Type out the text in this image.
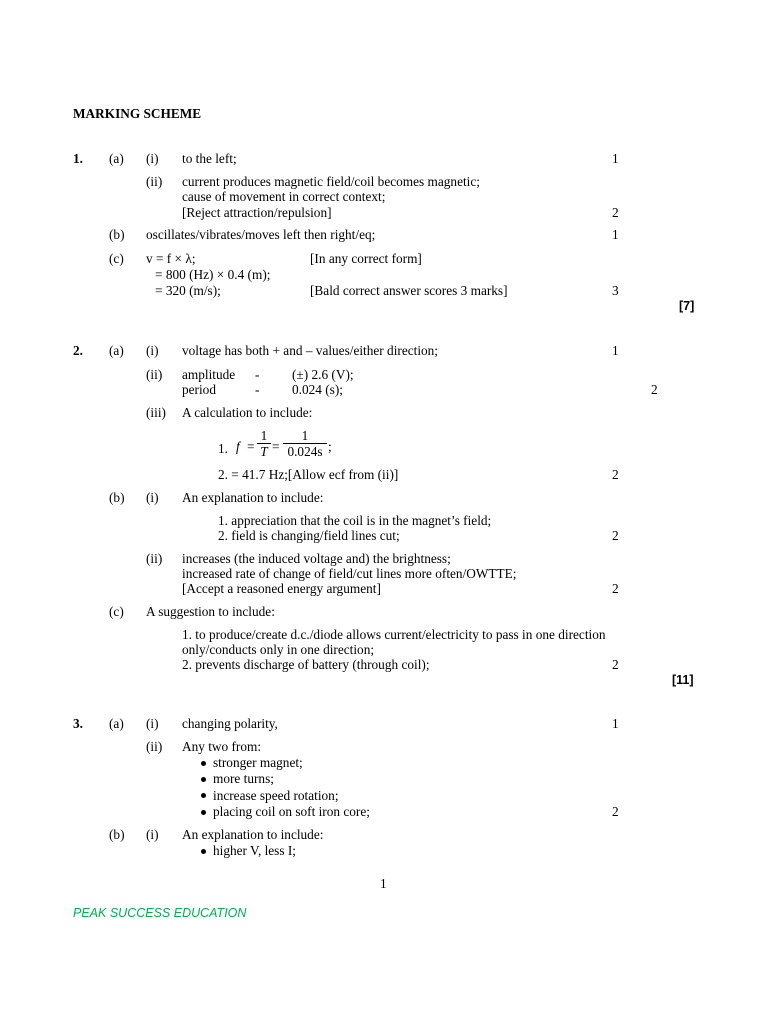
MARKING SCHEME
1. (a) (i) to the left;	1
(ii) current produces magnetic field/coil becomes magnetic;
cause of movement in correct context;
[Reject attraction/repulsion]	2
(b) oscillates/vibrates/moves left then right/eq;	1
(c) v = f × λ;	[In any correct form]
= 800 (Hz) × 0.4 (m);
= 320 (m/s);	[Bald correct answer scores 3 marks]	3
[7]
2. (a) (i) voltage has both + and – values/either direction;	1
(ii) amplitude - (±) 2.6 (V);
period	- 0.024 (s);	2
(iii) A calculation to include:
1. f =
1
T =
1
0.024s ;
2. = 41.7 Hz;[Allow ecf from (ii)]	2
(b) (i) An explanation to include:
1. appreciation that the coil is in the magnet’s field;
2. field is changing/field lines cut;	2
(ii) increases (the induced voltage and) the brightness;
increased rate of change of field/cut lines more often/OWTTE;
[Accept a reasoned energy argument]	2
(c) A suggestion to include:
1. to produce/create d.c./diode allows current/electricity to pass in one direction
only/conducts only in one direction;
2. prevents discharge of battery (through coil);	2
[11]
3. (a) (i) changing polarity,	1
(ii) Any two from:
stronger magnet;
more turns;
increase speed rotation;
placing coil on soft iron core;	2
(b) (i) An explanation to include:
higher V, less I;
1
PEAK SUCCESS EDUCATION
